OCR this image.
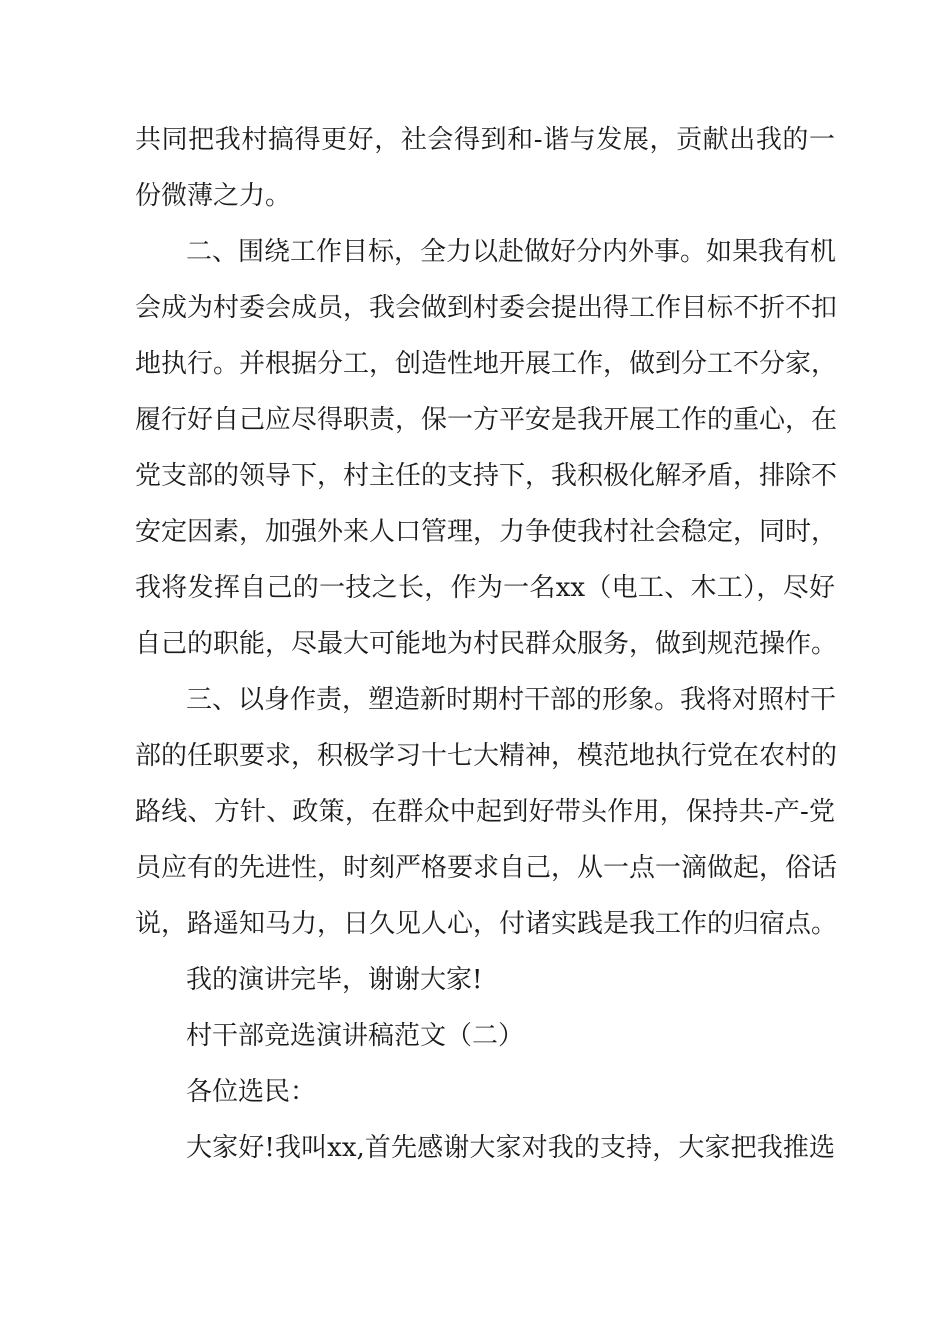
共同把我村搞得更好，社会得到和-谐与发展，贡献出我的一
份微薄之力。
二、围绕工作目标，全力以赴做好分内外事。如果我有机
会成为村委会成员，我会做到村委会提出得工作目标不折不扣
地执行。并根据分工，创造性地开展工作，做到分工不分家，
履行好自己应尽得职责，保一方平安是我开展工作的重心，在
党支部的领导下，村主任的支持下，我积极化解矛盾，排除不
安定因素，加强外来人口管理，力争使我村社会稳定，同时，
我将发挥自己的一技之长，作为一名xx（电工、木工），尽好
自己的职能，尽最大可能地为村民群众服务，做到规范操作。
三、以身作责，塑造新时期村干部的形象。我将对照村干
部的任职要求，积极学习十七大精神，模范地执行党在农村的
路线、方针、政策，在群众中起到好带头作用，保持共-产-党
员应有的先进性，时刻严格要求自己，从一点一滴做起，俗话
说，路遥知马力，日久见人心，付诸实践是我工作的归宿点。
我的演讲完毕，谢谢大家!
村干部竞选演讲稿范文（二）
各位选民：
大家好!我叫xx,首先感谢大家对我的支持，大家把我推选
